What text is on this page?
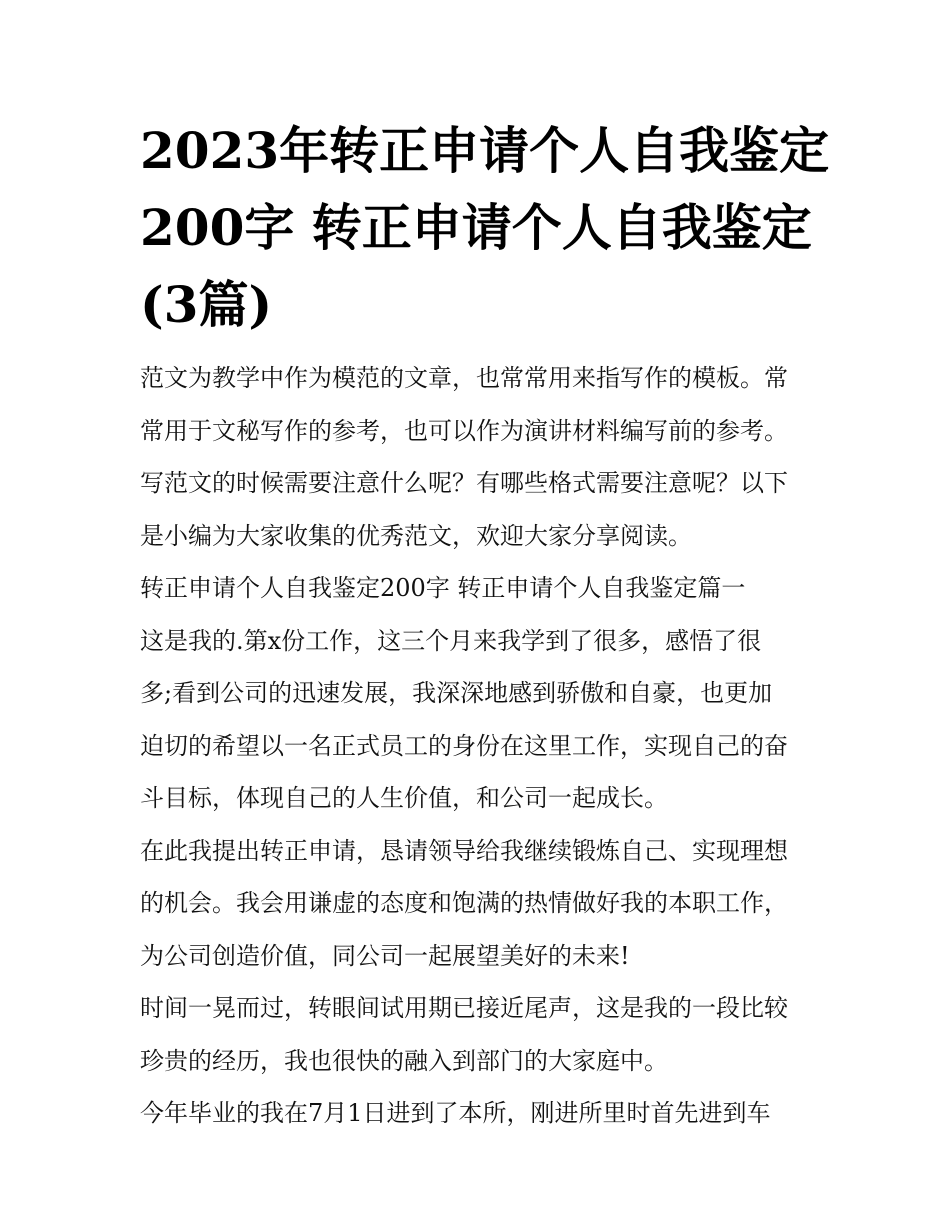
2023年转正申请个人自我鉴定
200字 转正申请个人自我鉴定
(3篇)
范文为教学中作为模范的文章，也常常用来指写作的模板。常
常用于文秘写作的参考，也可以作为演讲材料编写前的参考。
写范文的时候需要注意什么呢？有哪些格式需要注意呢？以下
是小编为大家收集的优秀范文，欢迎大家分享阅读。
转正申请个人自我鉴定200字 转正申请个人自我鉴定篇一
这是我的.第x份工作，这三个月来我学到了很多，感悟了很
多;看到公司的迅速发展，我深深地感到骄傲和自豪，也更加
迫切的希望以一名正式员工的身份在这里工作，实现自己的奋
斗目标，体现自己的人生价值，和公司一起成长。
在此我提出转正申请，恳请领导给我继续锻炼自己、实现理想
的机会。我会用谦虚的态度和饱满的热情做好我的本职工作，
为公司创造价值，同公司一起展望美好的未来!
时间一晃而过，转眼间试用期已接近尾声，这是我的一段比较
珍贵的经历，我也很快的融入到部门的大家庭中。
今年毕业的我在7月1日进到了本所，刚进所里时首先进到车
